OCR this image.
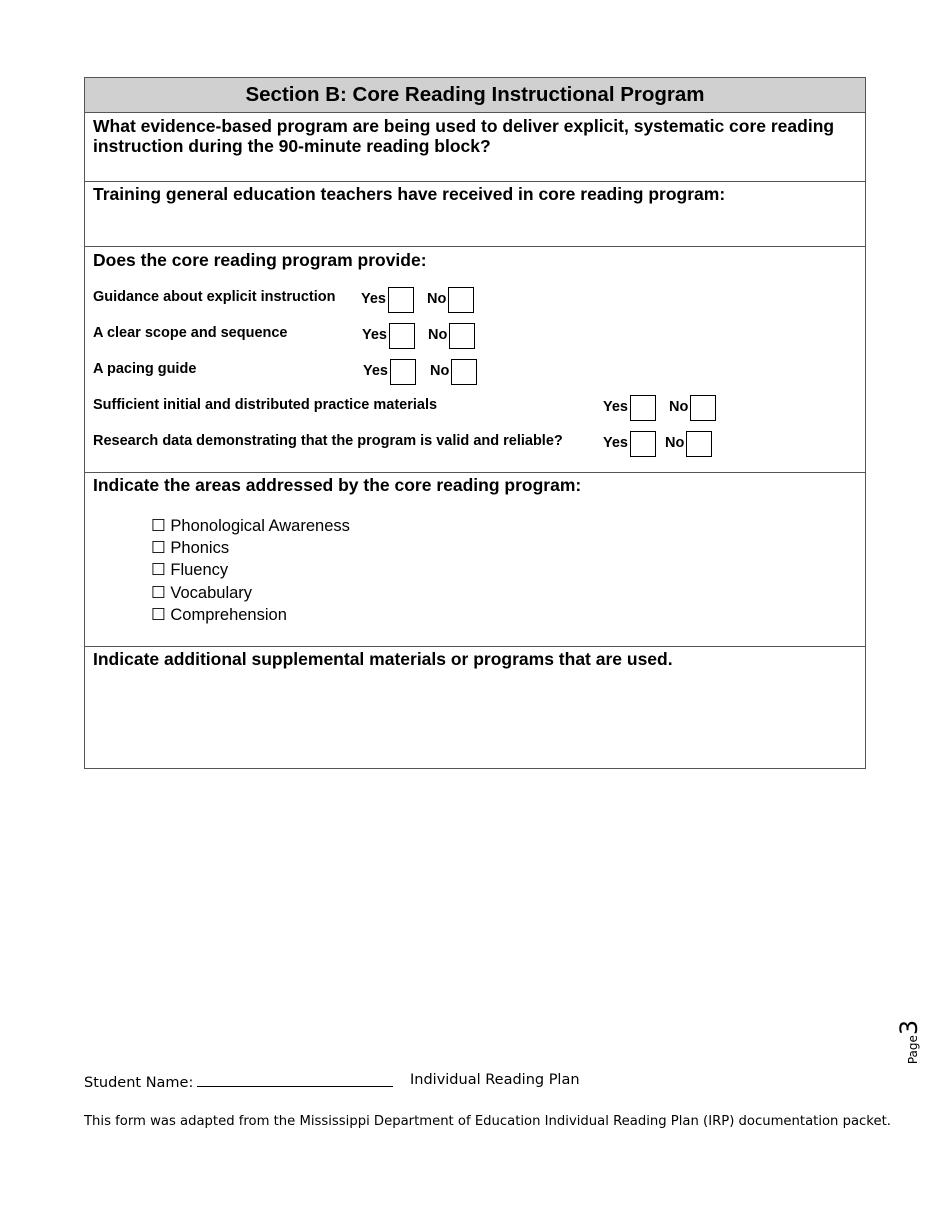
Section B: Core Reading Instructional Program
What evidence-based program are being used to deliver explicit, systematic core reading instruction during the 90-minute reading block?
Training general education teachers have received in core reading program:
Does the core reading program provide:
Guidance about explicit instruction Yes	No
A clear scope and sequence	Yes	No
A pacing guide	Yes	No
Sufficient initial and distributed practice materials	Yes	No
Research data demonstrating that the program is valid and reliable?	Yes	No
Indicate the areas addressed by the core reading program:
☐ Phonological Awareness
☐ Phonics
☐ Fluency
☐ Vocabulary
☐ Comprehension
Indicate additional supplemental materials or programs that are used.
Page3
Student Name:	Individual Reading Plan
This form was adapted from the Mississippi Department of Education Individual Reading Plan (IRP) documentation packet.
